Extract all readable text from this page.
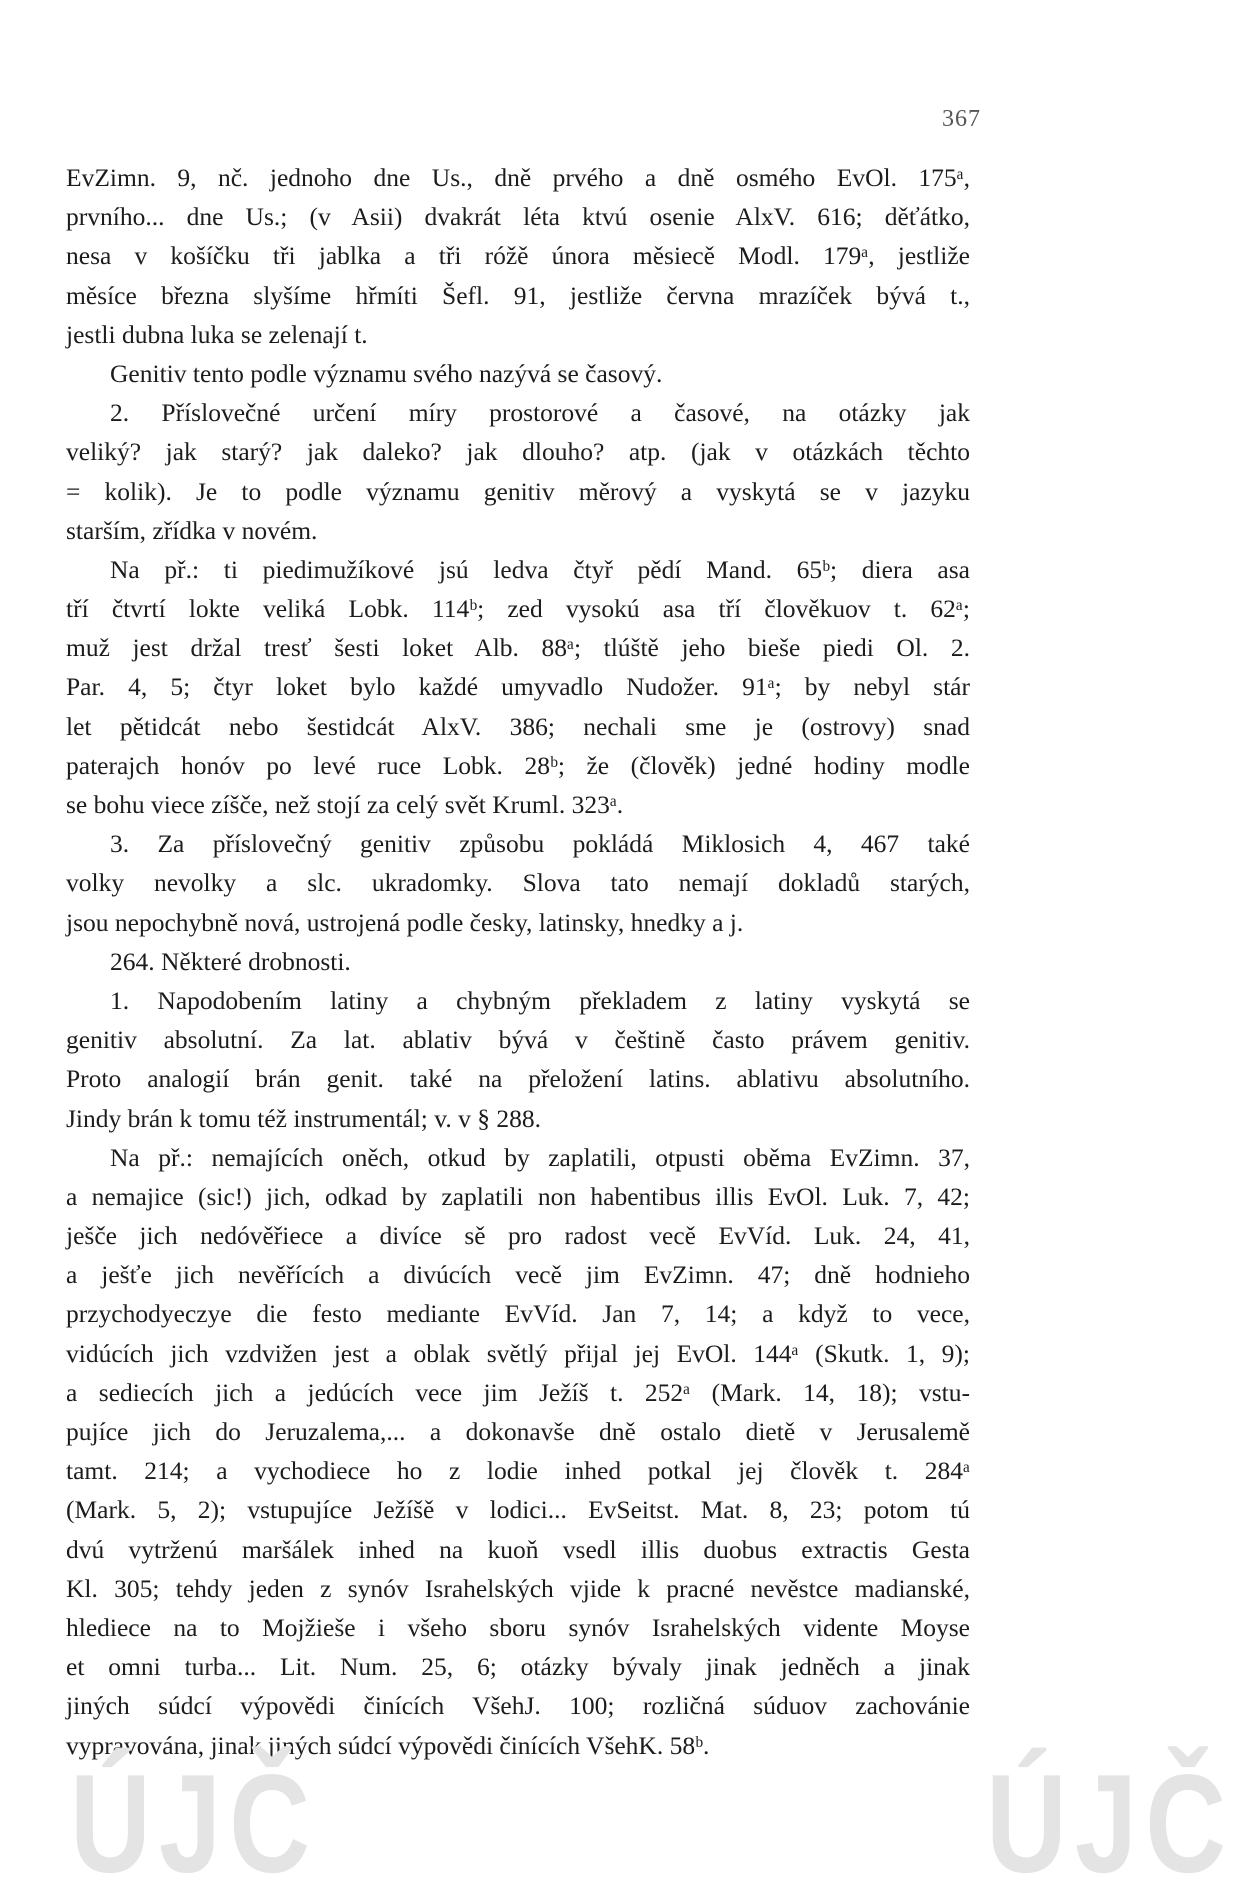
367
EvZimn. 9, nč. jednoho dne Us., dně prvého a dně osmého EvOl. 175ᵃ,
prvního... dne Us.; (v Asii) dvakrát léta ktvú osenie AlxV. 616; děťátko,
nesa v košíčku tři jablka a tři róžě února měsiecě Modl. 179ᵃ, jestliže
měsíce března slyšíme hřmíti Šefl. 91, jestliže června mrazíček bývá t.,
jestli dubna luka se zelenají t.
Genitiv tento podle významu svého nazývá se časový.
2. Příslovečné určení míry prostorové a časové, na otázky jak
veliký? jak starý? jak daleko? jak dlouho? atp. (jak v otázkách těchto
= kolik). Je to podle významu genitiv měrový a vyskytá se v jazyku
starším, zřídka v novém.
Na př.: ti piedimužíkové jsú ledva čtyř pědí Mand. 65ᵇ; diera asa
tří čtvrtí lokte veliká Lobk. 114ᵇ; zed vysokú asa tří člověkuov t. 62ᵃ;
muž jest držal tresť šesti loket Alb. 88ᵃ; tlúště jeho bieše piedi Ol. 2.
Par. 4, 5; čtyr loket bylo každé umyvadlo Nudožer. 91ᵃ; by nebyl stár
let pětidcát nebo šestidcát AlxV. 386; nechali sme je (ostrovy) snad
paterajch honóv po levé ruce Lobk. 28ᵇ; že (člověk) jedné hodiny modle
se bohu viece zíšče, než stojí za celý svět Kruml. 323ᵃ.
3. Za příslovečný genitiv způsobu pokládá Miklosich 4, 467 také
volky nevolky a slc. ukradomky. Slova tato nemají dokladů starých,
jsou nepochybně nová, ustrojená podle česky, latinsky, hnedky a j.
264. Některé drobnosti.
1. Napodobením latiny a chybným překladem z latiny vyskytá se
genitiv absolutní. Za lat. ablativ bývá v češtině často právem genitiv.
Proto analogií brán genit. také na přeložení latins. ablativu absolutního.
Jindy brán k tomu též instrumentál; v. v § 288.
Na př.: nemajících oněch, otkud by zaplatili, otpusti oběma EvZimn. 37,
a nemajice (sic!) jich, odkad by zaplatili non habentibus illis EvOl. Luk. 7, 42;
ješče jich nedóvěřiece a divíce sě pro radost vecě EvVíd. Luk. 24, 41,
a ješťe jich nevěřících a divúcích vecě jim EvZimn. 47; dně hodnieho
przychodyeczye die festo mediante EvVíd. Jan 7, 14; a když to vece,
vidúcích jich vzdvižen jest a oblak světlý přijal jej EvOl. 144ᵃ (Skutk. 1, 9);
a sediecích jich a jedúcích vece jim Ježíš t. 252ᵃ (Mark. 14, 18); vstu-
pujíce jich do Jeruzalema,... a dokonavše dně ostalo dietě v Jerusalemě
tamt. 214; a vychodiece ho z lodie inhed potkal jej člověk t. 284ᵃ
(Mark. 5, 2); vstupujíce Ježíšě v lodici... EvSeitst. Mat. 8, 23; potom tú
dvú vytrženú maršálek inhed na kuoň vsedl illis duobus extractis Gesta
Kl. 305; tehdy jeden z synóv Israhelských vjide k pracné nevěstce madianské,
hlediece na to Mojžieše i všeho sboru synóv Israhelských vidente Moyse
et omni turba... Lit. Num. 25, 6; otázky bývaly jinak jedněch a jinak
jiných súdcí výpovědi činících VšehJ. 100; rozličná súduov zachovánie
vypravována, jinak jiných súdcí výpovědi činících VšehK. 58ᵇ.
ÚJČ	ÚJČ
